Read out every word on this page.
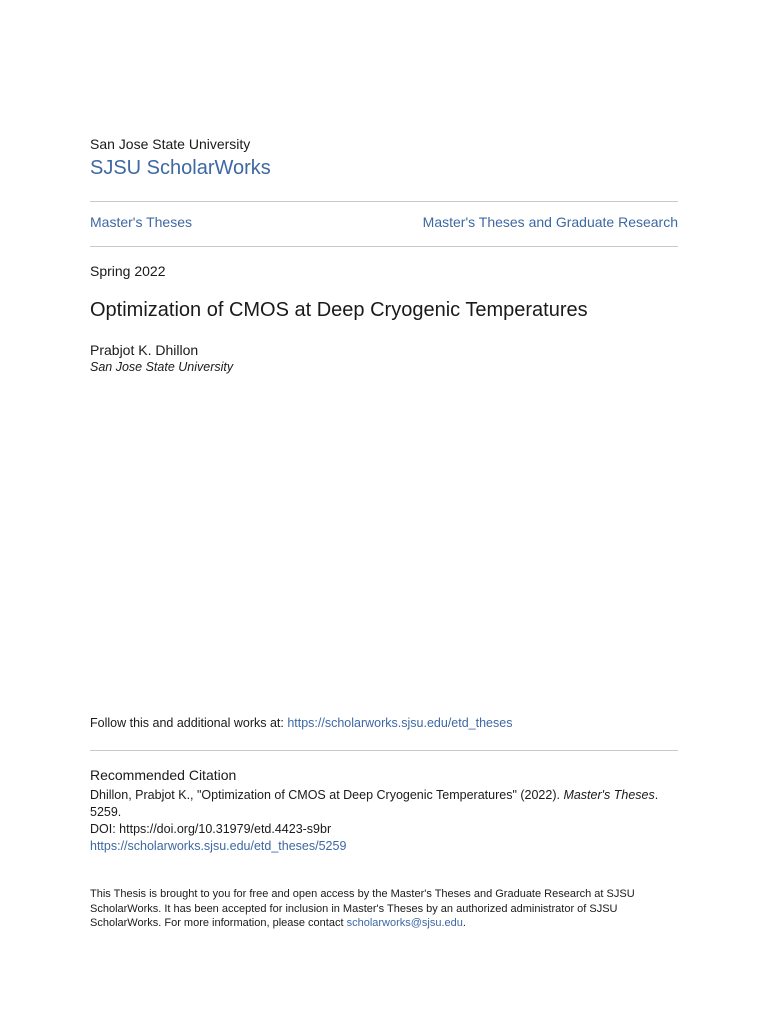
San Jose State University
SJSU ScholarWorks
Master's Theses	Master's Theses and Graduate Research
Spring 2022
Optimization of CMOS at Deep Cryogenic Temperatures
Prabjot K. Dhillon
San Jose State University
Follow this and additional works at: https://scholarworks.sjsu.edu/etd_theses
Recommended Citation
Dhillon, Prabjot K., "Optimization of CMOS at Deep Cryogenic Temperatures" (2022). Master's Theses.
5259.
DOI: https://doi.org/10.31979/etd.4423-s9br
https://scholarworks.sjsu.edu/etd_theses/5259
This Thesis is brought to you for free and open access by the Master's Theses and Graduate Research at SJSU ScholarWorks. It has been accepted for inclusion in Master's Theses by an authorized administrator of SJSU ScholarWorks. For more information, please contact scholarworks@sjsu.edu.
